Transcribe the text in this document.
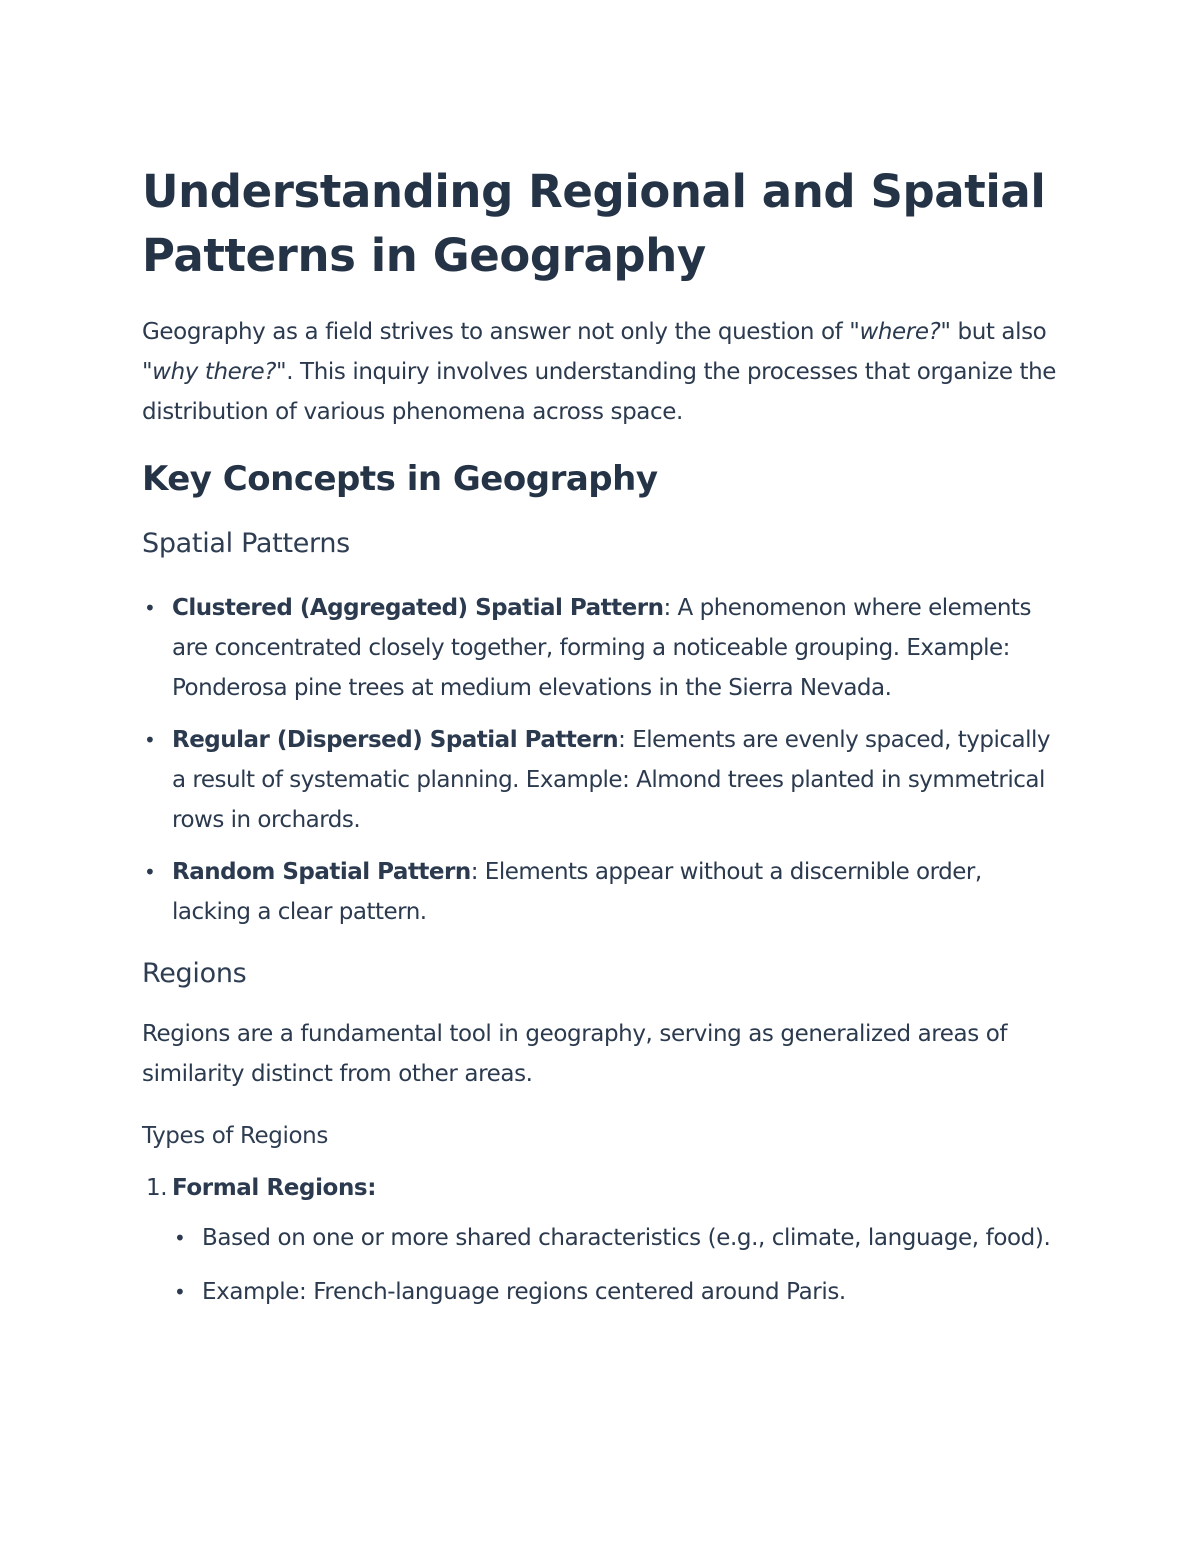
Understanding Regional and Spatial Patterns in Geography

Geography as a field strives to answer not only the question of "where?" but also "why there?". This inquiry involves understanding the processes that organize the distribution of various phenomena across space.

Key Concepts in Geography
Spatial Patterns
• Clustered (Aggregated) Spatial Pattern: A phenomenon where elements are concentrated closely together, forming a noticeable grouping. Example: Ponderosa pine trees at medium elevations in the Sierra Nevada.
• Regular (Dispersed) Spatial Pattern: Elements are evenly spaced, typically a result of systematic planning. Example: Almond trees planted in symmetrical rows in orchards.
• Random Spatial Pattern: Elements appear without a discernible order, lacking a clear pattern.
Regions

Regions are a fundamental tool in geography, serving as generalized areas of similarity distinct from other areas.

Types of Regions
1. Formal Regions:
• Based on one or more shared characteristics (e.g., climate, language, food).
• Example: French-language regions centered around Paris.
